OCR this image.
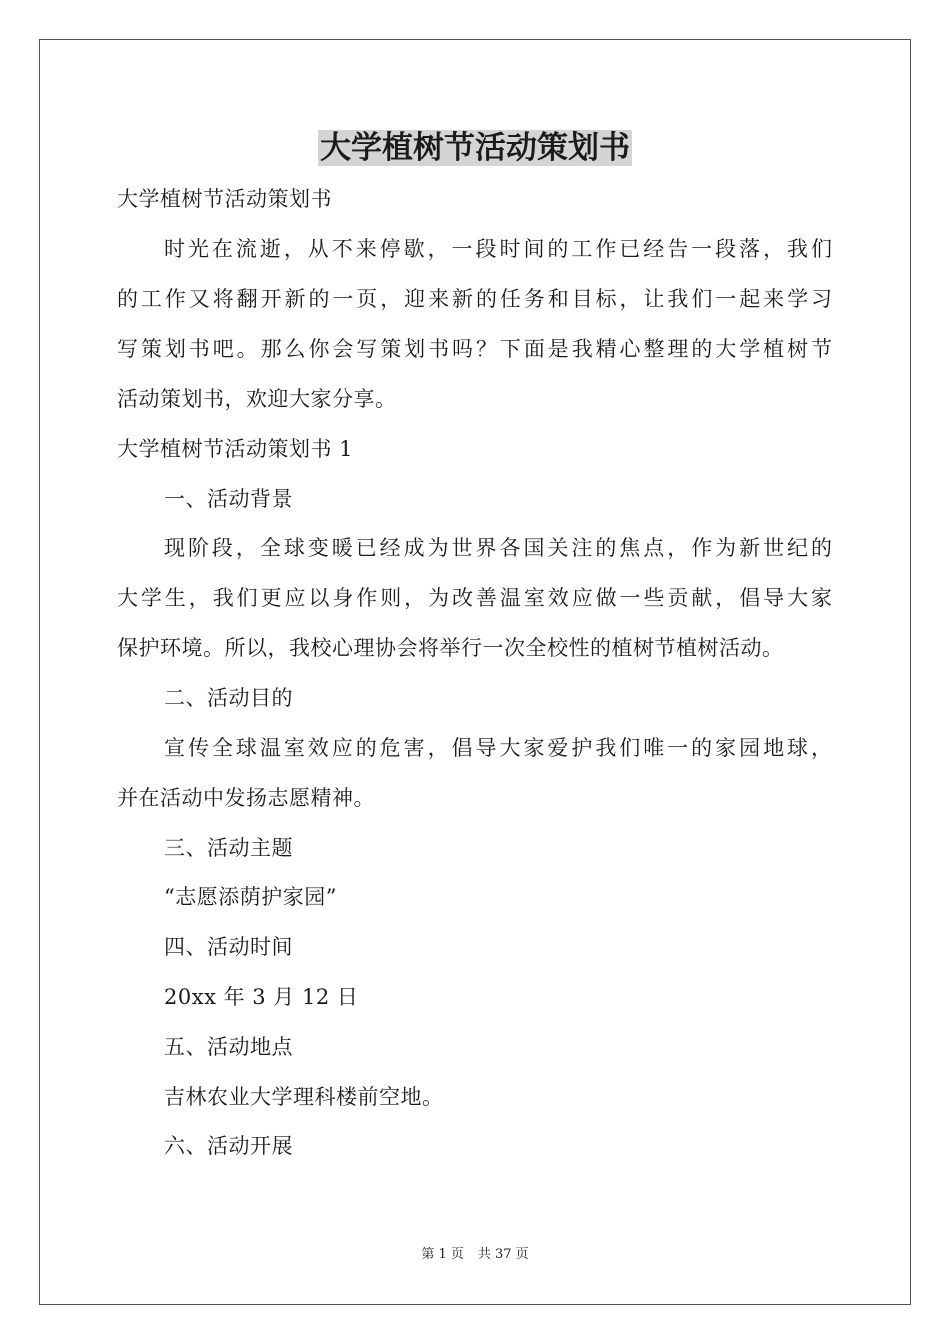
大学植树节活动策划书
大学植树节活动策划书
时光在流逝，从不来停歇，一段时间的工作已经告一段落，我们
的工作又将翻开新的一页，迎来新的任务和目标，让我们一起来学习
写策划书吧。那么你会写策划书吗？下面是我精心整理的大学植树节
活动策划书，欢迎大家分享。
大学植树节活动策划书 1
一、活动背景
现阶段，全球变暖已经成为世界各国关注的焦点，作为新世纪的
大学生，我们更应以身作则，为改善温室效应做一些贡献，倡导大家
保护环境。所以，我校心理协会将举行一次全校性的植树节植树活动。
二、活动目的
宣传全球温室效应的危害，倡导大家爱护我们唯一的家园地球，
并在活动中发扬志愿精神。
三、活动主题
“志愿添荫护家园”
四、活动时间
20xx 年 3 月 12 日
五、活动地点
吉林农业大学理科楼前空地。
六、活动开展
第 1 页 共 37 页
